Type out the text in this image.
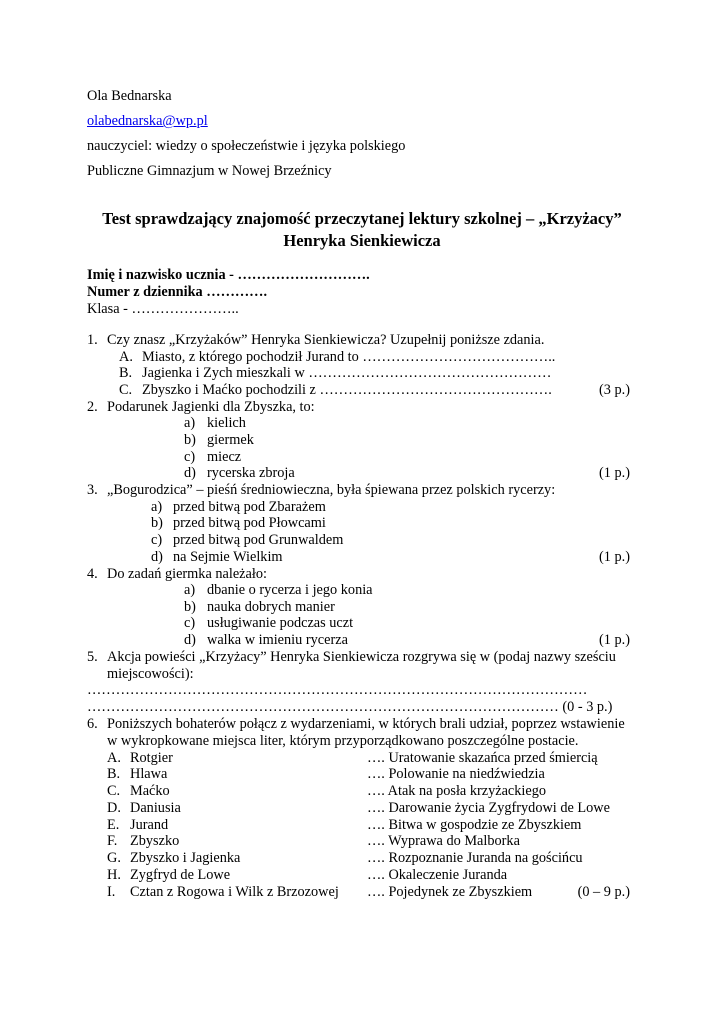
Ola Bednarska
olabednarska@wp.pl
nauczyciel: wiedzy o społeczeństwie i języka polskiego
Publiczne Gimnazjum w Nowej Brzeźnicy
Test sprawdzający znajomość przeczytanej lektury szkolnej – „Krzyżacy”
Henryka Sienkiewicza
Imię i nazwisko ucznia - ……………………….
Numer z dziennika ………….
Klasa - …………………..
1. Czy znasz „Krzyżaków” Henryka Sienkiewicza? Uzupełnij poniższe zdania.
A. Miasto, z którego pochodził Jurand to …………………………………..
B. Jagienka i Zych mieszkali w ……………………………………………
C. Zbyszko i Maćko pochodzili z ………………………………………….	(3 p.)
2. Podarunek Jagienki dla Zbyszka, to:
a) kielich
b) giermek
c) miecz
d) rycerska zbroja	(1 p.)
3. „Bogurodzica” – pieśń średniowieczna, była śpiewana przez polskich rycerzy:
a) przed bitwą pod Zbarażem
b) przed bitwą pod Płowcami
c) przed bitwą pod Grunwaldem
d) na Sejmie Wielkim	(1 p.)
4. Do zadań giermka należało:
a) dbanie o rycerza i jego konia
b) nauka dobrych manier
c) usługiwanie podczas uczt
d) walka w imieniu rycerza	(1 p.)
5. Akcja powieści „Krzyżacy” Henryka Sienkiewicza rozgrywa się w (podaj nazwy sześciu
miejscowości):
……………………………………………………………………………………………
……………………………………………………………………………………… (0 - 3 p.)
6. Poniższych bohaterów połącz z wydarzeniami, w których brali udział, poprzez wstawienie
w wykropkowane miejsca liter, którym przyporządkowano poszczególne postacie.
A. Rotgier	…. Uratowanie skazańca przed śmiercią
B. Hlawa	…. Polowanie na niedźwiedzia
C. Maćko	…. Atak na posła krzyżackiego
D. Daniusia	…. Darowanie życia Zygfrydowi de Lowe
E. Jurand	…. Bitwa w gospodzie ze Zbyszkiem
F. Zbyszko	…. Wyprawa do Malborka
G. Zbyszko i Jagienka	…. Rozpoznanie Juranda na gościńcu
H. Zygfryd de Lowe	…. Okaleczenie Juranda
I. Cztan z Rogowa i Wilk z Brzozowej …. Pojedynek ze Zbyszkiem	(0 – 9 p.)
